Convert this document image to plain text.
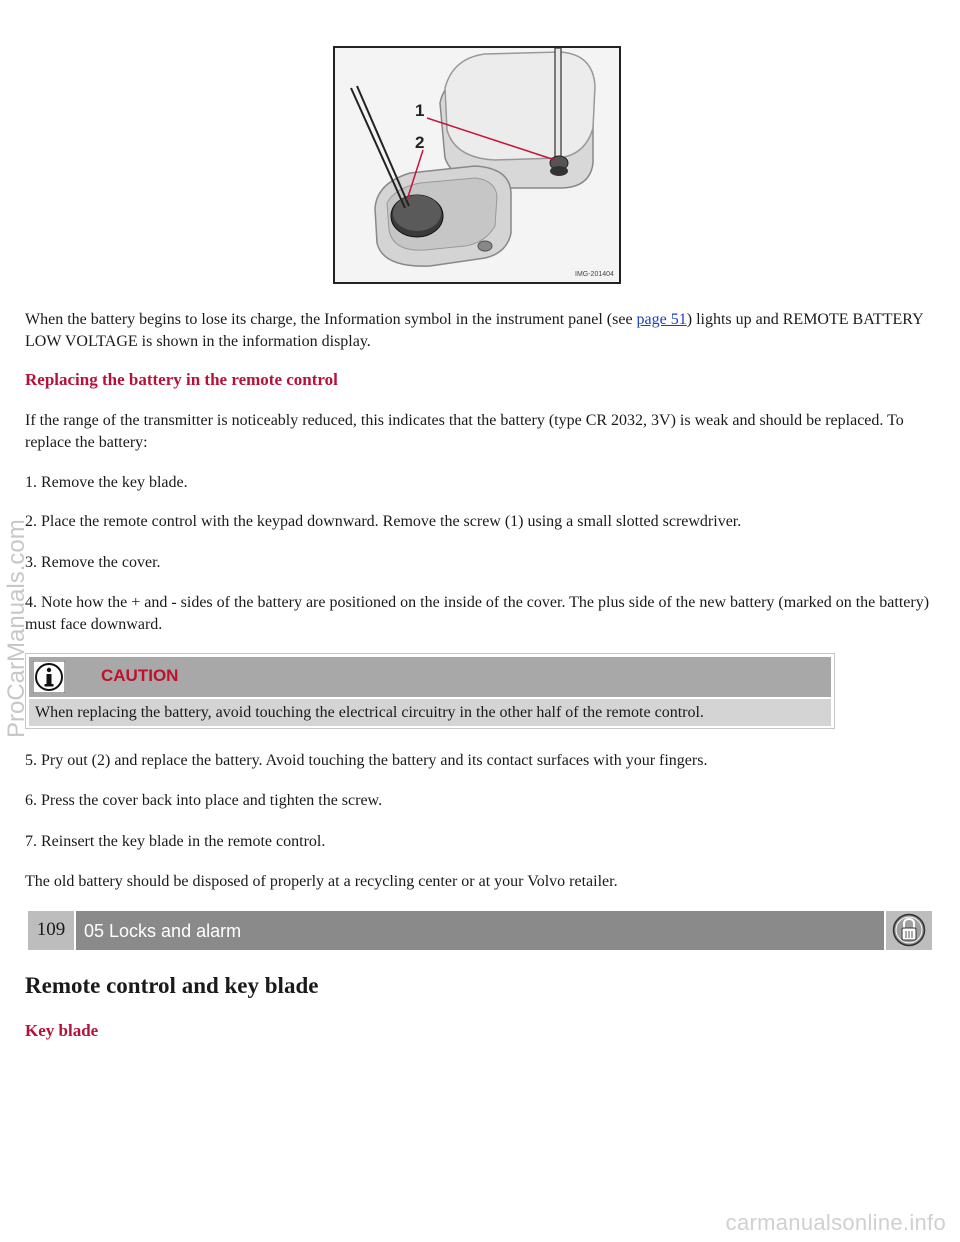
1
2
IMG-201404

When the battery begins to lose its charge, the Information symbol in the instrument panel (see page 51) lights up and REMOTE BATTERY LOW VOLTAGE is shown in the information display.

Replacing the battery in the remote control

If the range of the transmitter is noticeably reduced, this indicates that the battery (type CR 2032, 3V) is weak and should be replaced. To replace the battery:

1. Remove the key blade.

2. Place the remote control with the keypad downward. Remove the screw (1) using a small slotted screwdriver.

3. Remove the cover.

4. Note how the + and - sides of the battery are positioned on the inside of the cover. The plus side of the new battery (marked on the battery) must face downward.

CAUTION
When replacing the battery, avoid touching the electrical circuitry in the other half of the remote control.

5. Pry out (2) and replace the battery. Avoid touching the battery and its contact surfaces with your fingers.

6. Press the cover back into place and tighten the screw.

7. Reinsert the key blade in the remote control.

The old battery should be disposed of properly at a recycling center or at your Volvo retailer.

109	05 Locks and alarm
Remote control and key blade
Key blade
ProCarManuals.com
carmanualsonline.info
